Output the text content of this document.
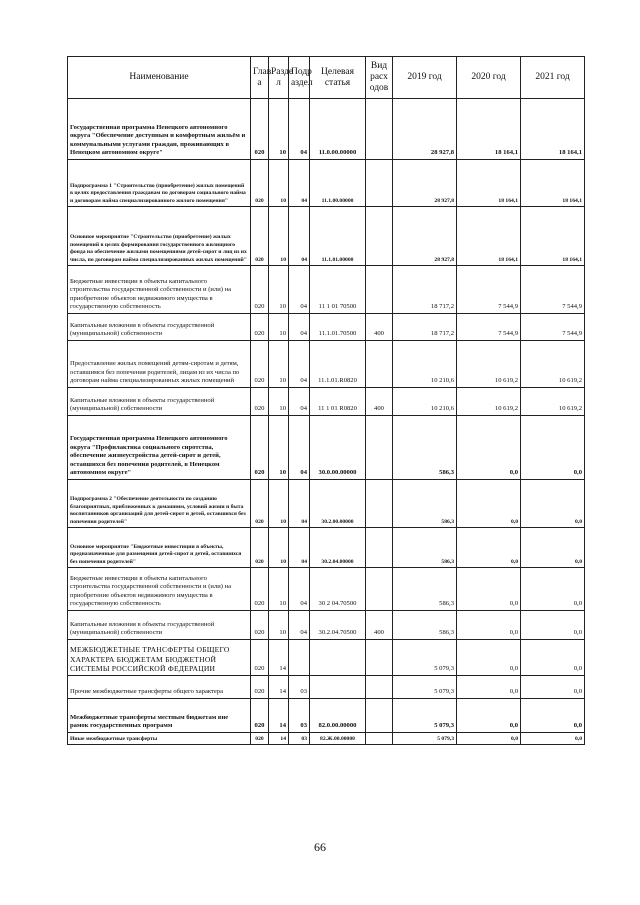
Наименование	Глав а	Разде л	Подр аздел	Целевая статья	Вид расх одов	2019 год	2020 год	2021 год
Государственная программа Ненецкого автономного округа "Обеспечение доступным и комфортным жильём и коммунальными услугами граждан, проживающих в Ненецком автономном округе"	020	10	04	11.0.00.00000		28 927,8	18 164,1	18 164,1
Подпрограмма 1 "Строительство (приобретение) жилых помещений в целях предоставления гражданам по договорам социального найма и договорам найма специализированного жилого помещения"	020	10	04	11.1.00.00000		28 927,8	18 164,1	18 164,1
Основное мероприятие "Строительство (приобретение) жилых помещений в целях формирования государственного жилищного фонда на обеспечение жилыми помещениями детей-сирот и лиц из их числа, по договорам найма специализированных жилых помещений"	020	10	04	11.1.01.00000		28 927,8	18 164,1	18 164,1
Бюджетные инвестиции в объекты капитального строительства государственной собственности и (или) на приобретение объектов недвижимого имущества в государственную собственность	020	10	04	11 1 01 70500		18 717,2	7 544,9	7 544,9
Капитальные вложения в объекты государственной (муниципальной) собственности	020	10	04	11.1.01.70500	400	18 717,2	7 544,9	7 544,9
Предоставление жилых помещений детям-сиротам и детям, оставшимся без попечения родителей, лицам из их числа по договорам найма специализированных жилых помещений	020	10	04	11.1.01.R0820		10 210,6	10 619,2	10 619,2
Капитальные вложения в объекты государственной (муниципальной) собственности	020	10	04	11 1 01 R0820	400	10 210,6	10 619,2	10 619,2
Государственная программа Ненецкого автономного округа "Профилактика социального сиротства, обеспечение жизнеустройства детей-сирот и детей, оставшихся без попечения родителей, в Ненецком автономном округе"	020	10	04	30.0.00.00000		586,3	0,0	0,0
Подпрограмма 2 "Обеспечение деятельности по созданию благоприятных, приближенных к домашним, условий жизни и быта воспитанников организаций для детей-сирот и детей, оставшихся без попечения родителей"	020	10	04	30.2.00.00000		586,3	0,0	0,0
Основное мероприятие "Бюджетные инвестиции в объекты, предназначенные для размещения детей-сирот и детей, оставшихся без попечения родителей"	020	10	04	30.2.04.00000		586,3	0,0	0,0
Бюджетные инвестиции в объекты капитального строительства государственной собственности и (или) на приобретение объектов недвижимого имущества в государственную собственность	020	10	04	30 2 04.70500		586,3	0,0	0,0
Капитальные вложения в объекты государственной (муниципальной) собственности	020	10	04	30.2.04.70500	400	586,3	0,0	0,0
МЕЖБЮДЖЕТНЫЕ ТРАНСФЕРТЫ ОБЩЕГО ХАРАКТЕРА БЮДЖЕТАМ БЮДЖЕТНОЙ СИСТЕМЫ РОССИЙСКОЙ ФЕДЕРАЦИИ	020	14				5 079,3	0,0	0,0
Прочие межбюджетные трансферты общего характера	020	14	03			5 079,3	0,0	0,0
Межбюджетные трансферты местным бюджетам вне рамок государственных программ	020	14	03	82.0.00.00000		5 079,3	0,0	0,0
Иные межбюджетные трансферты	020	14	03	82.Ж.00.00000		5 079,3	0,0	0,0
66
